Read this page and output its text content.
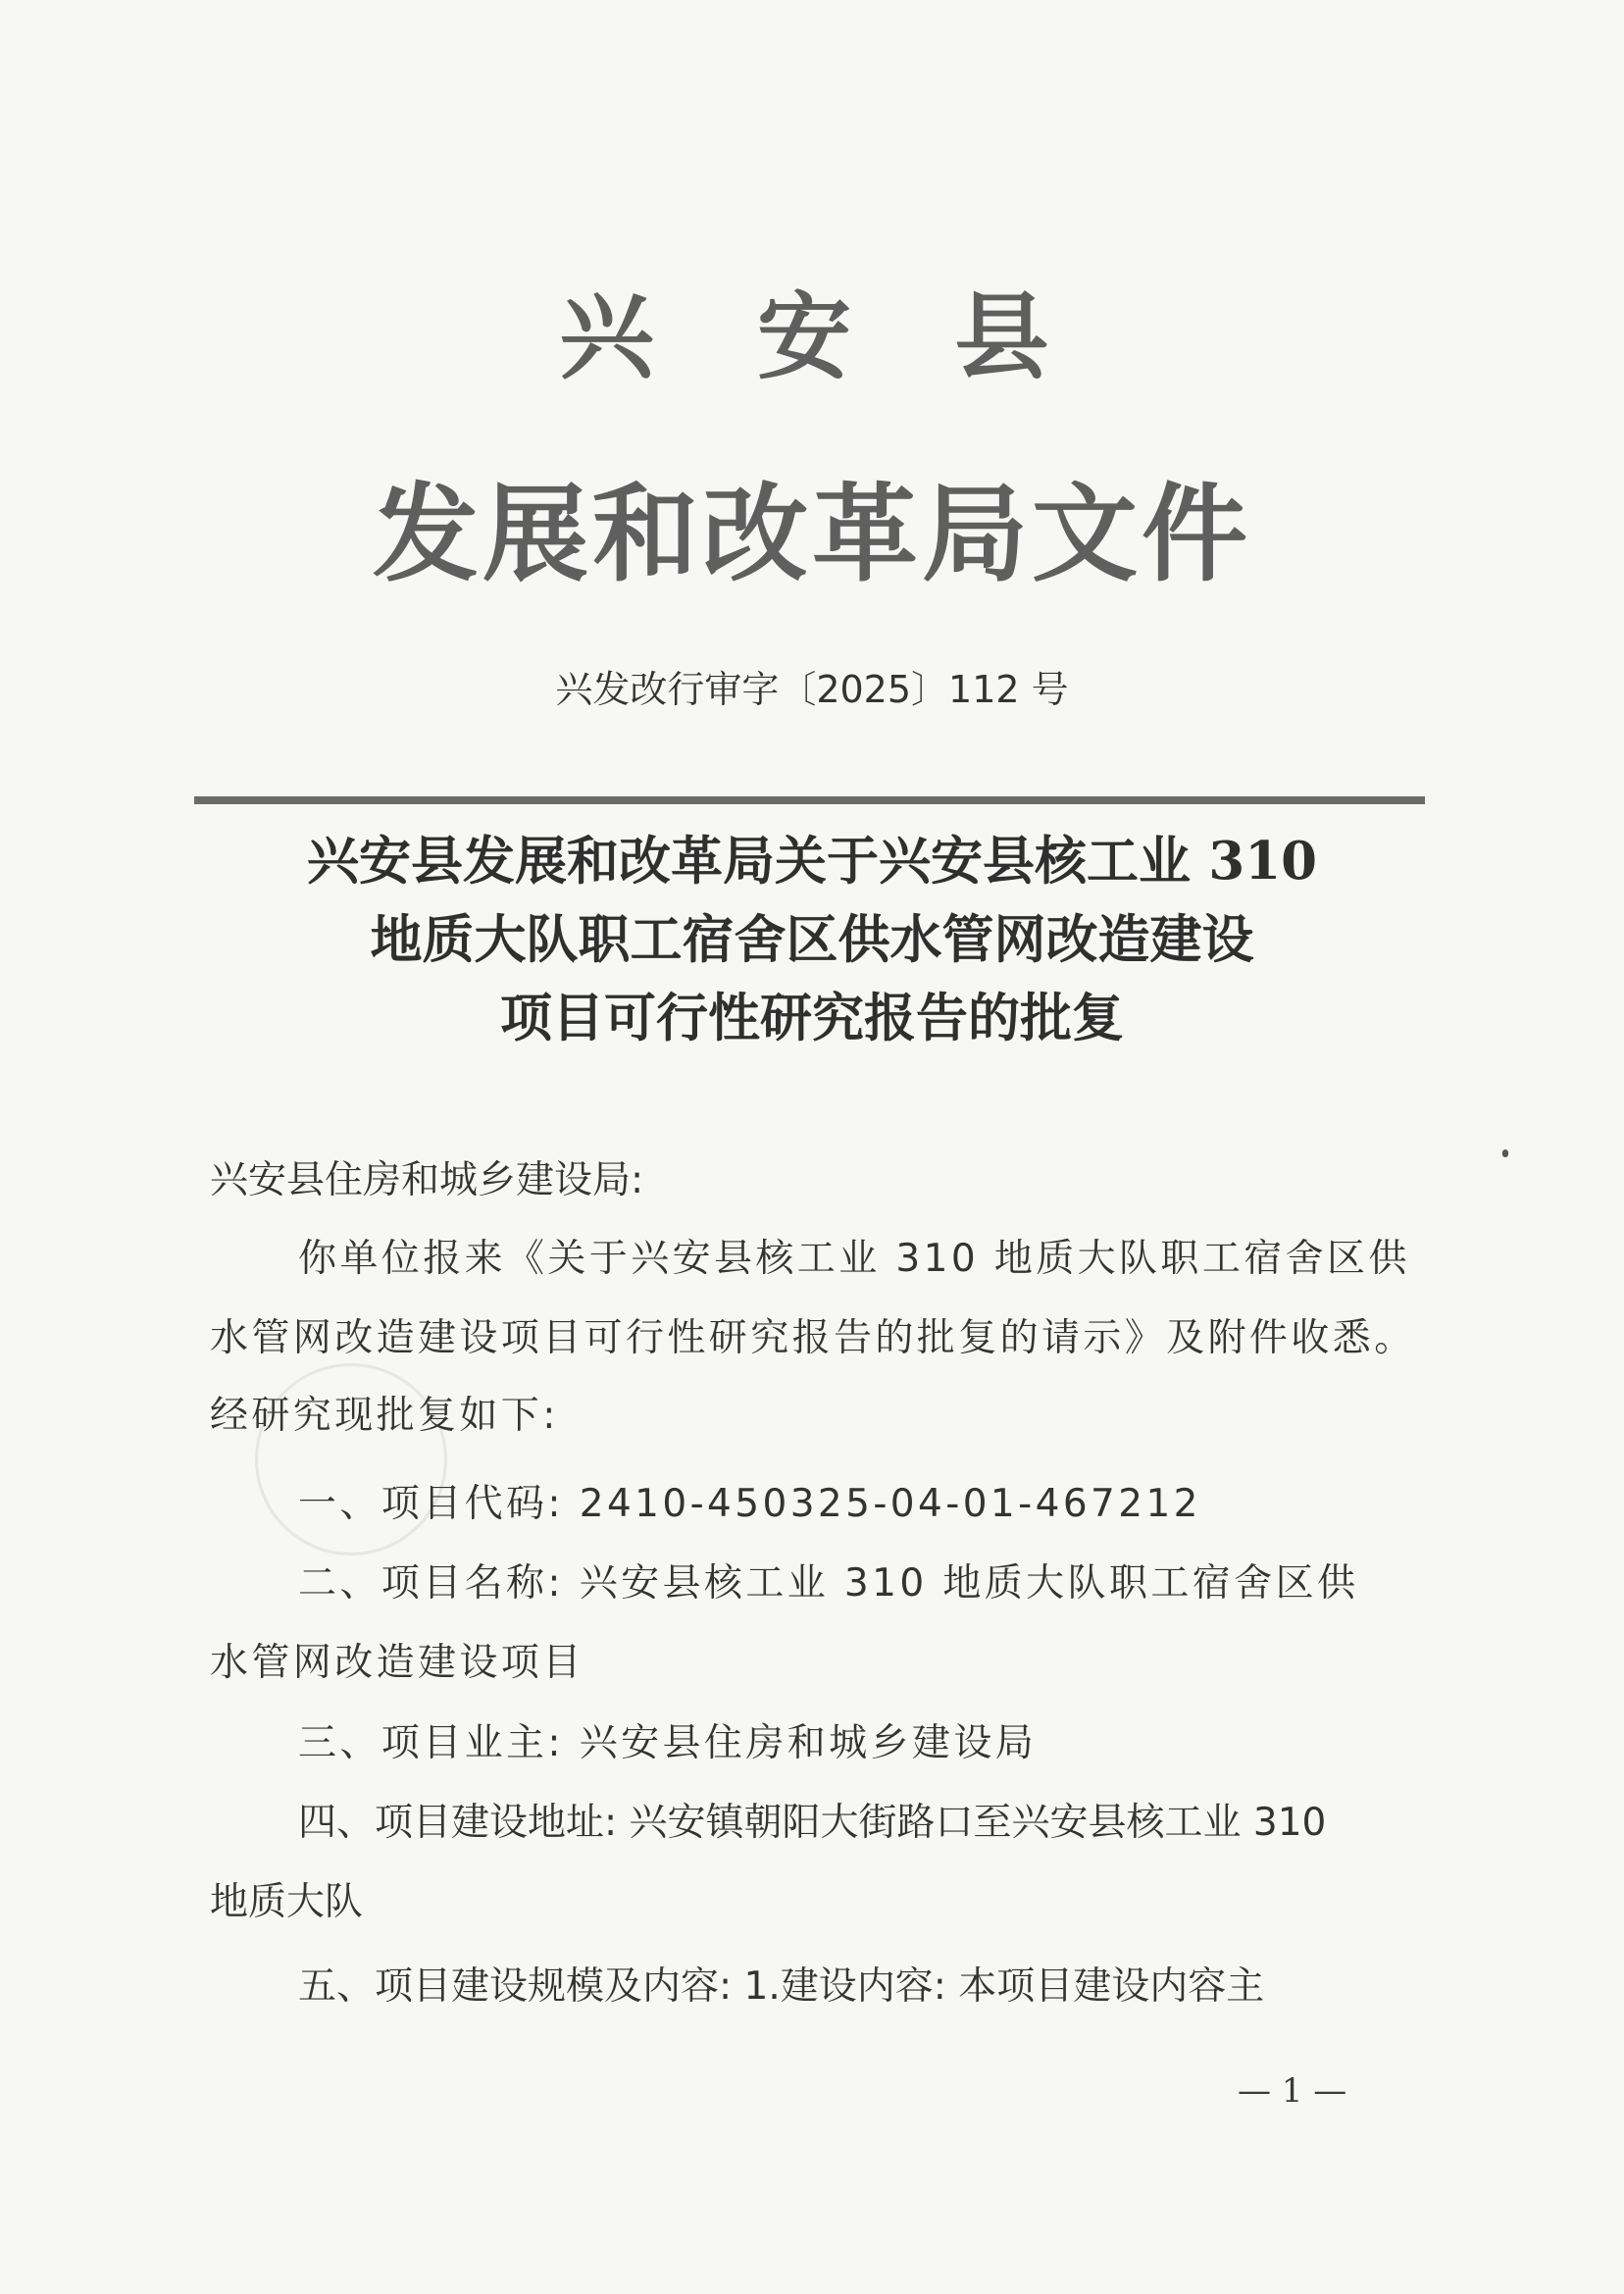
兴 安 县
发展和改革局文件
兴发改行审字〔2025〕112 号
兴安县发展和改革局关于兴安县核工业 310
地质大队职工宿舍区供水管网改造建设
项目可行性研究报告的批复
兴安县住房和城乡建设局:
你单位报来《关于兴安县核工业 310 地质大队职工宿舍区供
水管网改造建设项目可行性研究报告的批复的请示》及附件收悉。
经研究现批复如下:
一、项目代码: 2410-450325-04-01-467212
二、项目名称: 兴安县核工业 310 地质大队职工宿舍区供
水管网改造建设项目
三、项目业主: 兴安县住房和城乡建设局
四、项目建设地址: 兴安镇朝阳大街路口至兴安县核工业 310
地质大队
五、项目建设规模及内容: 1.建设内容: 本项目建设内容主
— 1 —
